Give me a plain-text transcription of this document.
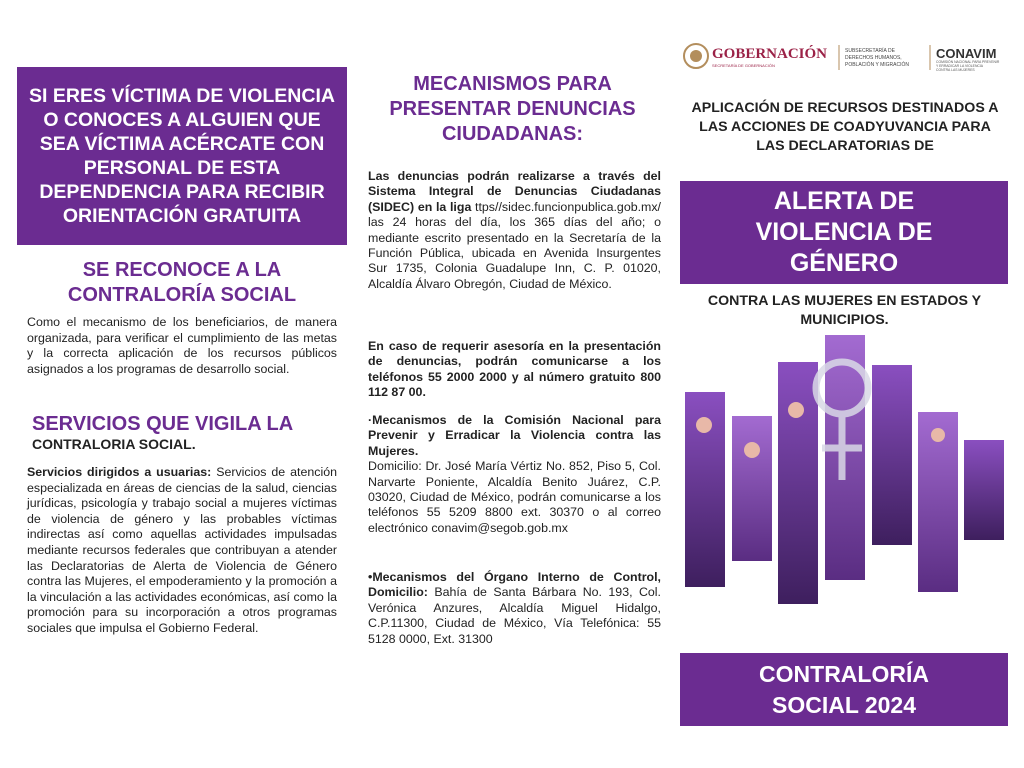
SI ERES VÍCTIMA DE VIOLENCIA O CONOCES A ALGUIEN QUE SEA VÍCTIMA ACÉRCATE CON PERSONAL DE ESTA DEPENDENCIA PARA RECIBIR ORIENTACIÓN GRATUITA
SE RECONOCE A LA
CONTRALORÍA SOCIAL
Como el mecanismo de los beneficiarios, de manera organizada, para verificar el cumplimiento de las metas y la correcta aplicación de los recursos públicos asignados a los programas de desarrollo social.
SERVICIOS QUE VIGILA LA
CONTRALORIA SOCIAL.
Servicios dirigidos a usuarias: Servicios de atención especializada en áreas de ciencias de la salud, ciencias jurídicas, psicología y trabajo social a mujeres víctimas de violencia de género y las probables víctimas indirectas así como aquellas actividades impulsadas mediante recursos federales que contribuyan a atender las Declaratorias de Alerta de Violencia de Género contra las Mujeres, el empoderamiento y la promoción a la vinculación a las actividades económicas, así como la promoción para su incorporación a otros programas sociales que impulsa el Gobierno Federal.
MECANISMOS PARA PRESENTAR DENUNCIAS CIUDADANAS:
Las denuncias podrán realizarse a través del Sistema Integral de Denuncias Ciudadanas (SIDEC) en la liga ttps//sidec.funcionpublica.gob.mx/ las 24 horas del día, los 365 días del año; o mediante escrito presentado en la Secretaría de la Función Pública, ubicada en Avenida Insurgentes Sur 1735, Colonia Guadalupe Inn, C. P. 01020, Alcaldía Álvaro Obregón, Ciudad de México.
En caso de requerir asesoría en la presentación de denuncias, podrán comunicarse a los teléfonos 55 2000 2000 y al número gratuito 800 112 87 00.
·Mecanismos de la Comisión Nacional para Prevenir y Erradicar la Violencia contra las Mujeres.
Domicilio: Dr. José María Vértiz No. 852, Piso 5, Col. Narvarte Poniente, Alcaldía Benito Juárez, C.P. 03020, Ciudad de México, podrán comunicarse a los teléfonos 55 5209 8800 ext. 30370 o al correo electrónico conavim@segob.gob.mx
•Mecanismos del Órgano Interno de Control, Domicilio: Bahía de Santa Bárbara No. 193, Col. Verónica Anzures, Alcaldía Miguel Hidalgo, C.P.11300, Ciudad de México, Vía Telefónica: 55 5128 0000, Ext. 31300
GOBERNACIÓN
SECRETARÍA DE GOBERNACIÓN
SUBSECRETARÍA DE
DERECHOS HUMANOS,
POBLACIÓN Y MIGRACIÓN
CONAVIM
COMISIÓN NACIONAL PARA PREVENIR
Y ERRADICAR LA VIOLENCIA
CONTRA LAS MUJERES
APLICACIÓN DE RECURSOS DESTINADOS A LAS ACCIONES DE COADYUVANCIA PARA LAS DECLARATORIAS DE
ALERTA DE
VIOLENCIA DE
GÉNERO
CONTRA LAS MUJERES EN ESTADOS Y MUNICIPIOS.
CONTRALORÍA
SOCIAL 2024
